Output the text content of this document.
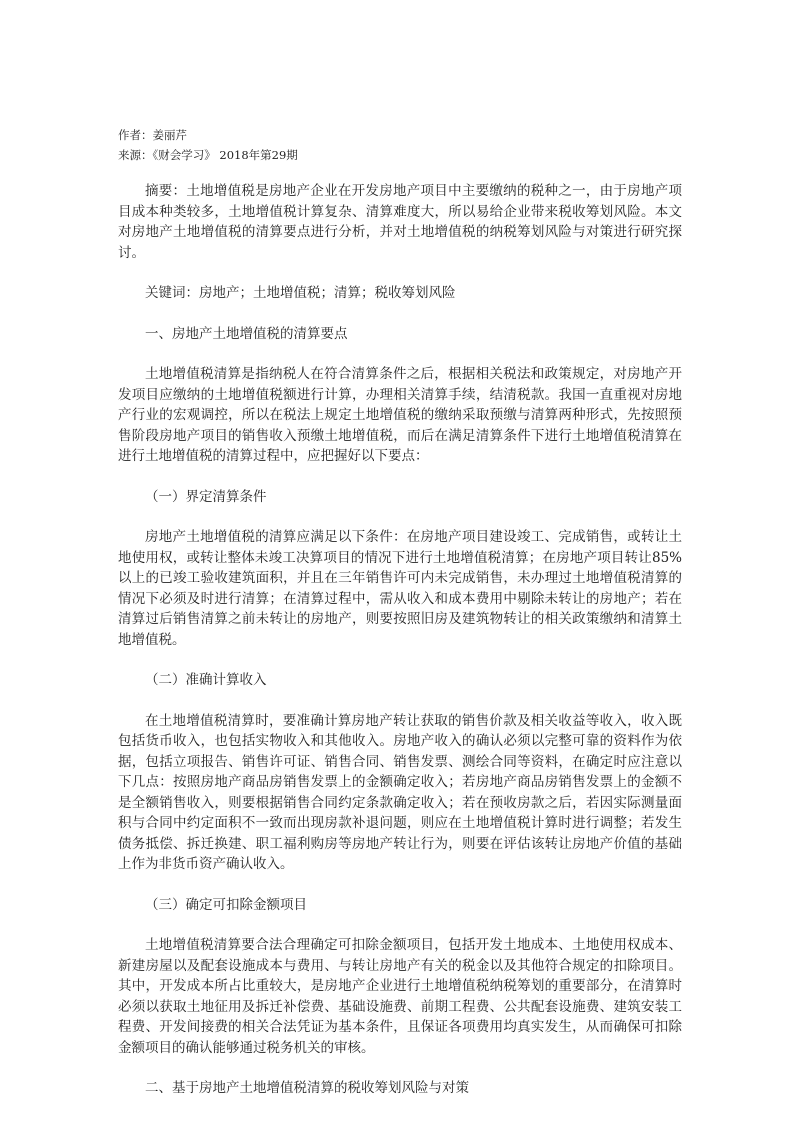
作者：姜丽芹
来源：《财会学习》 2018年第29期

摘要：土地增值税是房地产企业在开发房地产项目中主要缴纳的税种之一，由于房地产项目成本种类较多，土地增值税计算复杂、清算难度大，所以易给企业带来税收筹划风险。本文对房地产土地增值税的清算要点进行分析，并对土地增值税的纳税筹划风险与对策进行研究探讨。

关键词：房地产；土地增值税；清算；税收筹划风险

一、房地产土地增值税的清算要点

土地增值税清算是指纳税人在符合清算条件之后，根据相关税法和政策规定，对房地产开发项目应缴纳的土地增值税额进行计算，办理相关清算手续，结清税款。我国一直重视对房地产行业的宏观调控，所以在税法上规定土地增值税的缴纳采取预缴与清算两种形式，先按照预售阶段房地产项目的销售收入预缴土地增值税，而后在满足清算条件下进行土地增值税清算在进行土地增值税的清算过程中，应把握好以下要点：

（一）界定清算条件

房地产土地增值税的清算应满足以下条件：在房地产项目建设竣工、完成销售，或转让土地使用权，或转让整体未竣工决算项目的情况下进行土地增值税清算；在房地产项目转让85% 以上的已竣工验收建筑面积，并且在三年销售许可内未完成销售，未办理过土地增值税清算的 情况下必须及时进行清算；在清算过程中，需从收入和成本费用中剔除未转让的房地产；若在 清算过后销售清算之前未转让的房地产，则要按照旧房及建筑物转让的相关政策缴纳和清算土 地增值税。

（二）准确计算收入

在土地增值税清算时，要准确计算房地产转让获取的销售价款及相关收益等收入，收入既包括货币收入，也包括实物收入和其他收入。房地产收入的确认必须以完整可靠的资料作为依据，包括立项报告、销售许可证、销售合同、销售发票、测绘合同等资料，在确定时应注意以下几点：按照房地产商品房销售发票上的金额确定收入；若房地产商品房销售发票上的金额不是全额销售收入，则要根据销售合同约定条款确定收入；若在预收房款之后，若因实际测量面积与合同中约定面积不一致而出现房款补退问题，则应在土地增值税计算时进行调整；若发生债务抵偿、拆迁换建、职工福利购房等房地产转让行为，则要在评估该转让房地产价值的基础上作为非货币资产确认收入。

（三）确定可扣除金额项目

土地增值税清算要合法合理确定可扣除金额项目，包括开发土地成本、土地使用权成本、新建房屋以及配套设施成本与费用、与转让房地产有关的税金以及其他符合规定的扣除项目。其中，开发成本所占比重较大，是房地产企业进行土地增值税纳税筹划的重要部分，在清算时必须以获取土地征用及拆迁补偿费、基础设施费、前期工程费、公共配套设施费、建筑安装工程费、开发间接费的相关合法凭证为基本条件，且保证各项费用均真实发生，从而确保可扣除金额项目的确认能够通过税务机关的审核。

二、基于房地产土地增值税清算的税收筹划风险与对策
